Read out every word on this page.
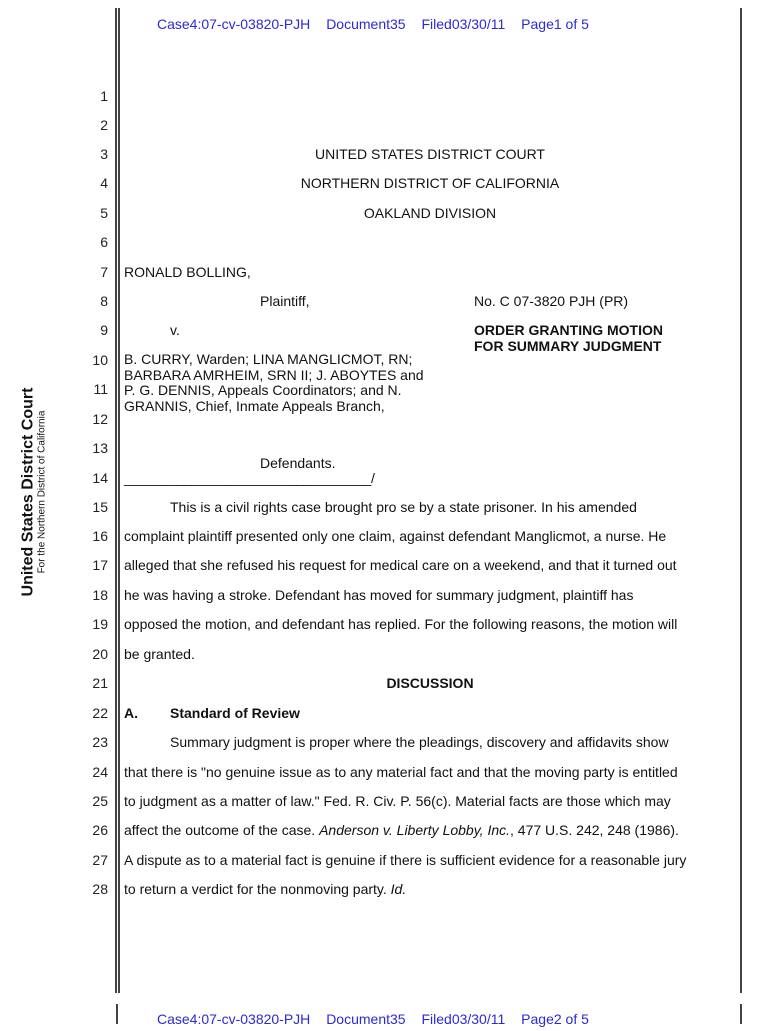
Case4:07-cv-03820-PJH Document35 Filed03/30/11 Page1 of 5
United States District Court For the Northern District of California
1
2
3
4
5
6
7
8
9
10
11
12
13
14
15
16
17
18
19
20
21
22
23
24
25
26
27
28
UNITED STATES DISTRICT COURT
NORTHERN DISTRICT OF CALIFORNIA
OAKLAND DIVISION
RONALD BOLLING,
Plaintiff,	No. C 07-3820 PJH (PR)
v.	ORDER GRANTING MOTION
FOR SUMMARY JUDGMENT
B. CURRY, Warden; LINA MANGLICMOT, RN; BARBARA AMRHEIM, SRN II; J. ABOYTES and P. G. DENNIS, Appeals Coordinators; and N. GRANNIS, Chief, Inmate Appeals Branch,
Defendants.
_________________________________/
This is a civil rights case brought pro se by a state prisoner. In his amended
complaint plaintiff presented only one claim, against defendant Manglicmot, a nurse. He
alleged that she refused his request for medical care on a weekend, and that it turned out
he was having a stroke. Defendant has moved for summary judgment, plaintiff has
opposed the motion, and defendant has replied. For the following reasons, the motion will
be granted.
DISCUSSION
A. Standard of Review
Summary judgment is proper where the pleadings, discovery and affidavits show
that there is "no genuine issue as to any material fact and that the moving party is entitled
to judgment as a matter of law." Fed. R. Civ. P. 56(c). Material facts are those which may
affect the outcome of the case. Anderson v. Liberty Lobby, Inc., 477 U.S. 242, 248 (1986).
A dispute as to a material fact is genuine if there is sufficient evidence for a reasonable jury
to return a verdict for the nonmoving party. Id.
Case4:07-cv-03820-PJH Document35 Filed03/30/11 Page2 of 5
